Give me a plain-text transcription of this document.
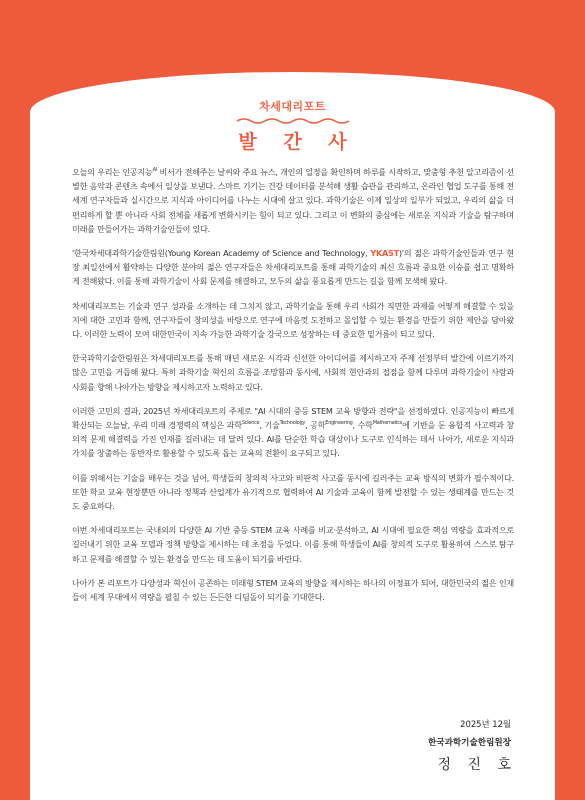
차세대리포트
발 간 사

오늘의 우리는 인공지능$^{AI}$ 비서가 전해주는 날씨와 주요 뉴스, 개인의 일정을 확인하며 하루를 시작하고, 맞춤형 추천 알고리즘이 선별한 음악과 콘텐츠 속에서 일상을 보낸다. 스마트 기기는 건강 데이터를 분석해 생활 습관을 관리하고, 온라인 협업 도구를 통해 전 세계 연구자들과 실시간으로 지식과 아이디어를 나누는 시대에 살고 있다. 과학기술은 이제 일상의 일부가 되었고, 우리의 삶을 더 편리하게 할 뿐 아니라 사회 전체를 새롭게 변화시키는 힘이 되고 있다. 그리고 이 변화의 중심에는 새로운 지식과 기술을 탐구하며 미래를 만들어가는 과학기술인들이 있다.

'한국차세대과학기술한림원(Young Korean Academy of Science and Technology, YKAST)'의 젊은 과학기술인들과 연구 현장 최일선에서 활약하는 다양한 분야의 젊은 연구자들은 차세대리포트를 통해 과학기술의 최신 흐름과 중요한 이슈를 쉽고 명확하게 전해왔다. 이를 통해 과학기술이 사회 문제를 해결하고, 모두의 삶을 풍요롭게 만드는 길을 함께 모색해 왔다.

차세대리포트는 기술과 연구 성과를 소개하는 데 그치지 않고, 과학기술을 통해 우리 사회가 직면한 과제를 어떻게 해결할 수 있을지에 대한 고민과 함께, 연구자들이 창의성을 바탕으로 연구에 마음껏 도전하고 몰입할 수 있는 환경을 만들기 위한 제안을 담아왔다. 이러한 노력이 모여 대한민국이 지속 가능한 과학기술 강국으로 성장하는 데 중요한 밑거름이 되고 있다.

한국과학기술한림원은 차세대리포트를 통해 매년 새로운 시각과 신선한 아이디어를 제시하고자 주제 선정부터 발간에 이르기까지 많은 고민을 거듭해 왔다. 특히 과학기술 혁신의 흐름을 조망함과 동시에, 사회적 현안과의 접점을 함께 다루며 과학기술이 사람과 사회를 향해 나아가는 방향을 제시하고자 노력하고 있다.

이러한 고민의 결과, 2025년 차세대리포트의 주제로 "AI 시대의 중등 STEM 교육 방향과 전략"을 선정하였다. 인공지능이 빠르게 확산되는 오늘날, 우리 미래 경쟁력의 핵심은 과학$^{Science}$, 기술$^{Technology}$, 공학$^{Engineering}$, 수학$^{Mathematics}$에 기반을 둔 융합적 사고력과 창의적 문제 해결력을 가진 인재를 길러내는 데 달려 있다. AI를 단순한 학습 대상이나 도구로 인식하는 데서 나아가, 새로운 지식과 가치를 창출하는 동반자로 활용할 수 있도록 돕는 교육의 전환이 요구되고 있다.

이를 위해서는 기술을 배우는 것을 넘어, 학생들의 창의적 사고와 비판적 사고를 동시에 길러주는 교육 방식의 변화가 필수적이다. 또한 학교 교육 현장뿐만 아니라 정책과 산업계가 유기적으로 협력하여 AI 기술과 교육이 함께 발전할 수 있는 생태계를 만드는 것도 중요하다.

이번 차세대리포트는 국내외의 다양한 AI 기반 중등 STEM 교육 사례를 비교·분석하고, AI 시대에 필요한 핵심 역량을 효과적으로 길러내기 위한 교육 모델과 정책 방향을 제시하는 데 초점을 두었다. 이를 통해 학생들이 AI를 창의적 도구로 활용하여 스스로 탐구하고 문제를 해결할 수 있는 환경을 만드는 데 도움이 되기를 바란다.

나아가 본 리포트가 다양성과 혁신이 공존하는 미래형 STEM 교육의 방향을 제시하는 하나의 이정표가 되어, 대한민국의 젊은 인재들이 세계 무대에서 역량을 펼칠 수 있는 든든한 디딤돌이 되기를 기대한다.

2025년 12월
한국과학기술한림원장
정 진 호
